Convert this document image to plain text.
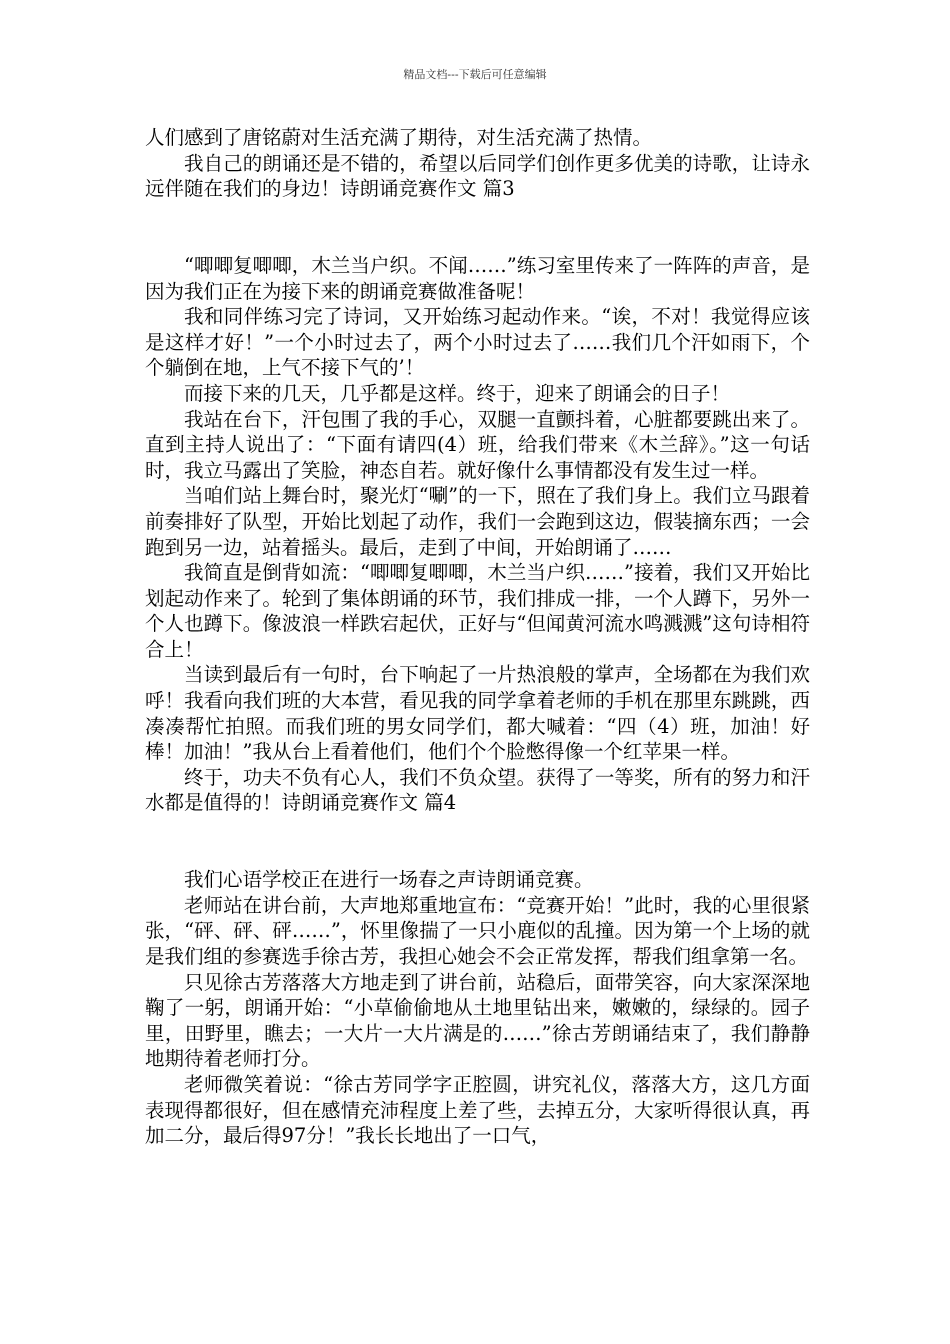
精品文档---下载后可任意编辑

人们感到了唐铭蔚对生活充满了期待，对生活充满了热情。

我自己的朗诵还是不错的，希望以后同学们创作更多优美的诗歌，让诗永远伴随在我们的身边！诗朗诵竞赛作文 篇3

“唧唧复唧唧，木兰当户织。不闻……”练习室里传来了一阵阵的声音，是因为我们正在为接下来的朗诵竞赛做准备呢！

我和同伴练习完了诗词，又开始练习起动作来。“诶，不对！我觉得应该是这样才好！”一个小时过去了，两个小时过去了……我们几个汗如雨下，个个躺倒在地，上气不接下气的’！

而接下来的几天，几乎都是这样。终于，迎来了朗诵会的日子！

我站在台下，汗包围了我的手心，双腿一直颤抖着，心脏都要跳出来了。直到主持人说出了：“下面有请四(4）班，给我们带来《木兰辞》。”这一句话时，我立马露出了笑脸，神态自若。就好像什么事情都没有发生过一样。

当咱们站上舞台时，聚光灯“唰”的一下，照在了我们身上。我们立马跟着前奏排好了队型，开始比划起了动作，我们一会跑到这边，假装摘东西；一会跑到另一边，站着摇头。最后，走到了中间，开始朗诵了……

我简直是倒背如流：“唧唧复唧唧，木兰当户织……”接着，我们又开始比划起动作来了。轮到了集体朗诵的环节，我们排成一排，一个人蹲下，另外一个人也蹲下。像波浪一样跌宕起伏，正好与“但闻黄河流水鸣溅溅”这句诗相符合上！

当读到最后有一句时，台下响起了一片热浪般的掌声，全场都在为我们欢呼！我看向我们班的大本营，看见我的同学拿着老师的手机在那里东跳跳，西凑凑帮忙拍照。而我们班的男女同学们，都大喊着：“四（4）班，加油！好棒！加油！”我从台上看着他们，他们个个脸憋得像一个红苹果一样。

终于，功夫不负有心人，我们不负众望。获得了一等奖，所有的努力和汗水都是值得的！诗朗诵竞赛作文 篇4

我们心语学校正在进行一场春之声诗朗诵竞赛。

老师站在讲台前，大声地郑重地宣布：“竞赛开始！”此时，我的心里很紧张，“砰、砰、砰……”，怀里像揣了一只小鹿似的乱撞。因为第一个上场的就是我们组的参赛选手徐古芳，我担心她会不会正常发挥，帮我们组拿第一名。

只见徐古芳落落大方地走到了讲台前，站稳后，面带笑容，向大家深深地鞠了一躬，朗诵开始：“小草偷偷地从土地里钻出来，嫩嫩的，绿绿的。园子里，田野里，瞧去；一大片一大片满是的……”徐古芳朗诵结束了，我们静静地期待着老师打分。

老师微笑着说：“徐古芳同学字正腔圆，讲究礼仪，落落大方，这几方面表现得都很好，但在感情充沛程度上差了些，去掉五分，大家听得很认真，再加二分，最后得97分！”我长长地出了一口气，
